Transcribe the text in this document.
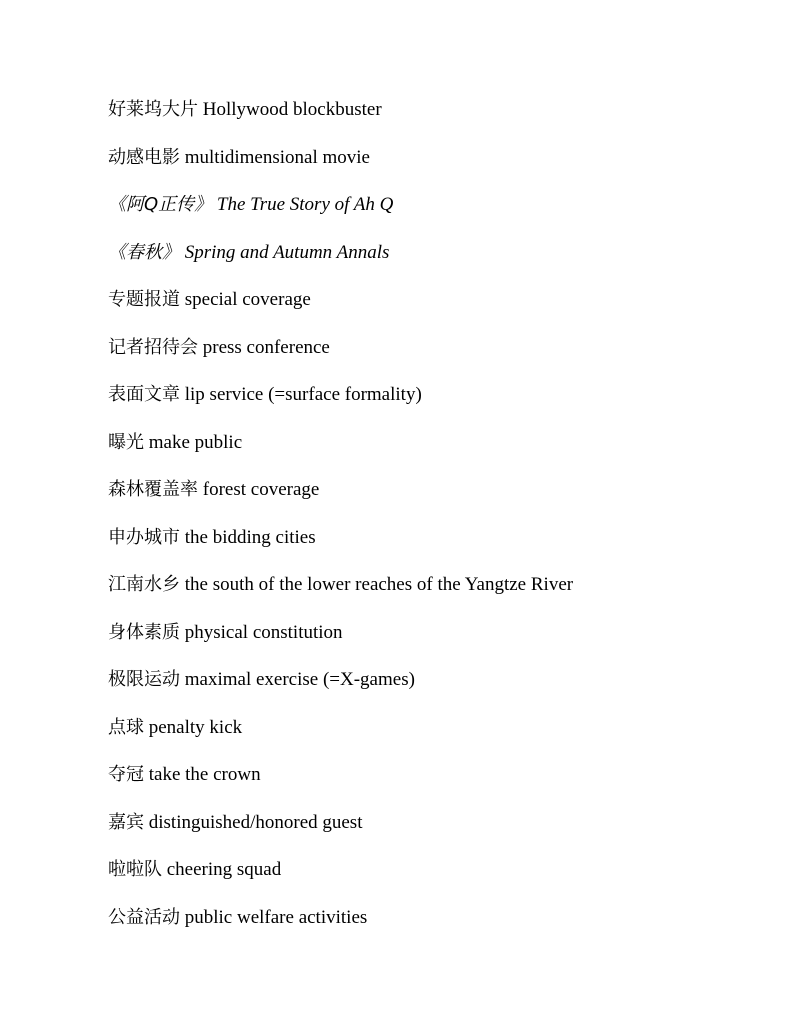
好莱坞大片 Hollywood blockbuster
动感电影 multidimensional movie
《阿Q正传》 The True Story of Ah Q
《春秋》 Spring and Autumn Annals
专题报道 special coverage
记者招待会 press conference
表面文章 lip service (=surface formality)
曝光 make public
森林覆盖率 forest coverage
申办城市 the bidding cities
江南水乡 the south of the lower reaches of the Yangtze River
身体素质 physical constitution
极限运动 maximal exercise (=X-games)
点球 penalty kick
夺冠 take the crown
嘉宾 distinguished/honored guest
啦啦队 cheering squad
公益活动 public welfare activities
